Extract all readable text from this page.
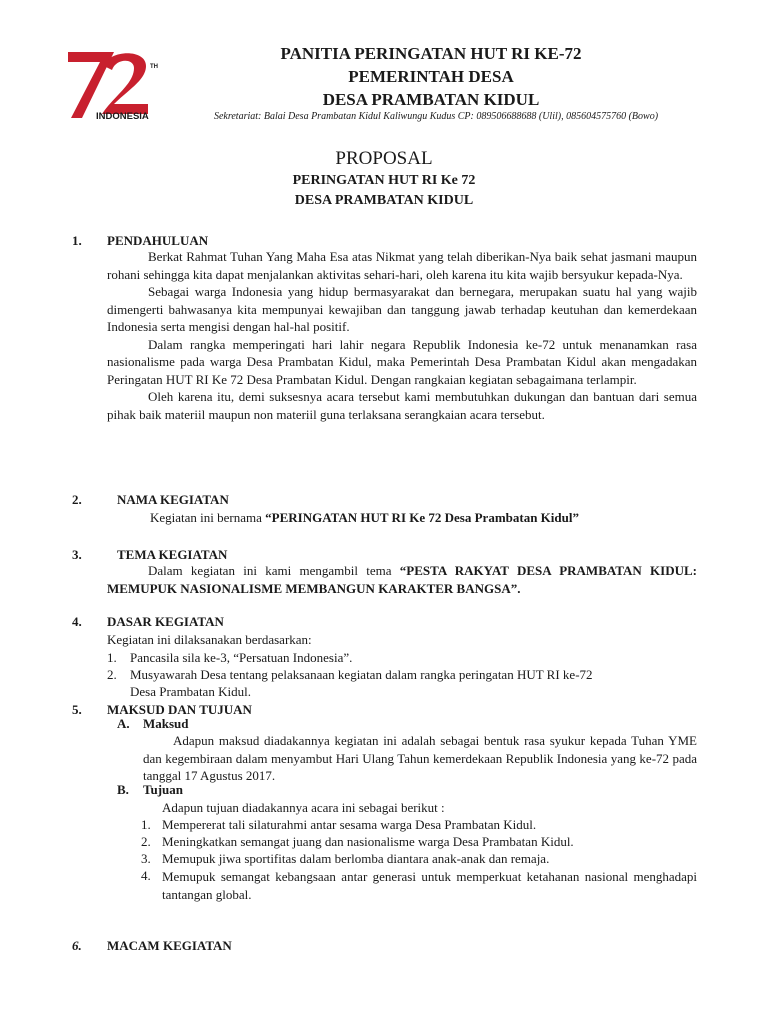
TH
INDONESIA
PANITIA PERINGATAN HUT RI KE-72
PEMERINTAH DESA
DESA PRAMBATAN KIDUL
Sekretariat: Balai Desa Prambatan Kidul Kaliwungu Kudus CP: 089506688688 (Ulil), 085604575760 (Bowo)
PROPOSAL
PERINGATAN HUT RI Ke 72
DESA PRAMBATAN KIDUL
1. PENDAHULUAN
Berkat Rahmat Tuhan Yang Maha Esa atas Nikmat yang telah diberikan-Nya baik sehat jasmani maupun rohani sehingga kita dapat menjalankan aktivitas sehari-hari, oleh karena itu kita wajib bersyukur kepada-Nya.
Sebagai warga Indonesia yang hidup bermasyarakat dan bernegara, merupakan suatu hal yang wajib dimengerti bahwasanya kita mempunyai kewajiban dan tanggung jawab terhadap keutuhan dan kemerdekaan Indonesia serta mengisi dengan hal-hal positif.
Dalam rangka memperingati hari lahir negara Republik Indonesia ke-72 untuk menanamkan rasa nasionalisme pada warga Desa Prambatan Kidul, maka Pemerintah Desa Prambatan Kidul akan mengadakan Peringatan HUT RI Ke 72 Desa Prambatan Kidul. Dengan rangkaian kegiatan sebagaimana terlampir.
Oleh karena itu, demi suksesnya acara tersebut kami membutuhkan dukungan dan bantuan dari semua pihak baik materiil maupun non materiil guna terlaksana serangkaian acara tersebut.
2.	NAMA KEGIATAN
Kegiatan ini bernama “PERINGATAN HUT RI Ke 72 Desa Prambatan Kidul”
3.	TEMA KEGIATAN
Dalam kegiatan ini kami mengambil tema “PESTA RAKYAT DESA PRAMBATAN KIDUL: MEMUPUK NASIONALISME MEMBANGUN KARAKTER BANGSA”.
4. DASAR KEGIATAN
Kegiatan ini dilaksanakan berdasarkan:
1. Pancasila sila ke-3, “Persatuan Indonesia”.
2. Musyawarah Desa tentang pelaksanaan kegiatan dalam rangka peringatan HUT RI ke-72
Desa Prambatan Kidul.
5. MAKSUD DAN TUJUAN
A. Maksud
Adapun maksud diadakannya kegiatan ini adalah sebagai bentuk rasa syukur kepada Tuhan YME dan kegembiraan dalam menyambut Hari Ulang Tahun kemerdekaan Republik Indonesia yang ke-72 pada tanggal 17 Agustus 2017.
B. Tujuan
Adapun tujuan diadakannya acara ini sebagai berikut :
1. Mempererat tali silaturahmi antar sesama warga Desa Prambatan Kidul.
2. Meningkatkan semangat juang dan nasionalisme warga Desa Prambatan Kidul.
3. Memupuk jiwa sportifitas dalam berlomba diantara anak-anak dan remaja.
4. Memupuk semangat kebangsaan antar generasi untuk memperkuat ketahanan nasional menghadapi tantangan global.
6. MACAM KEGIATAN
